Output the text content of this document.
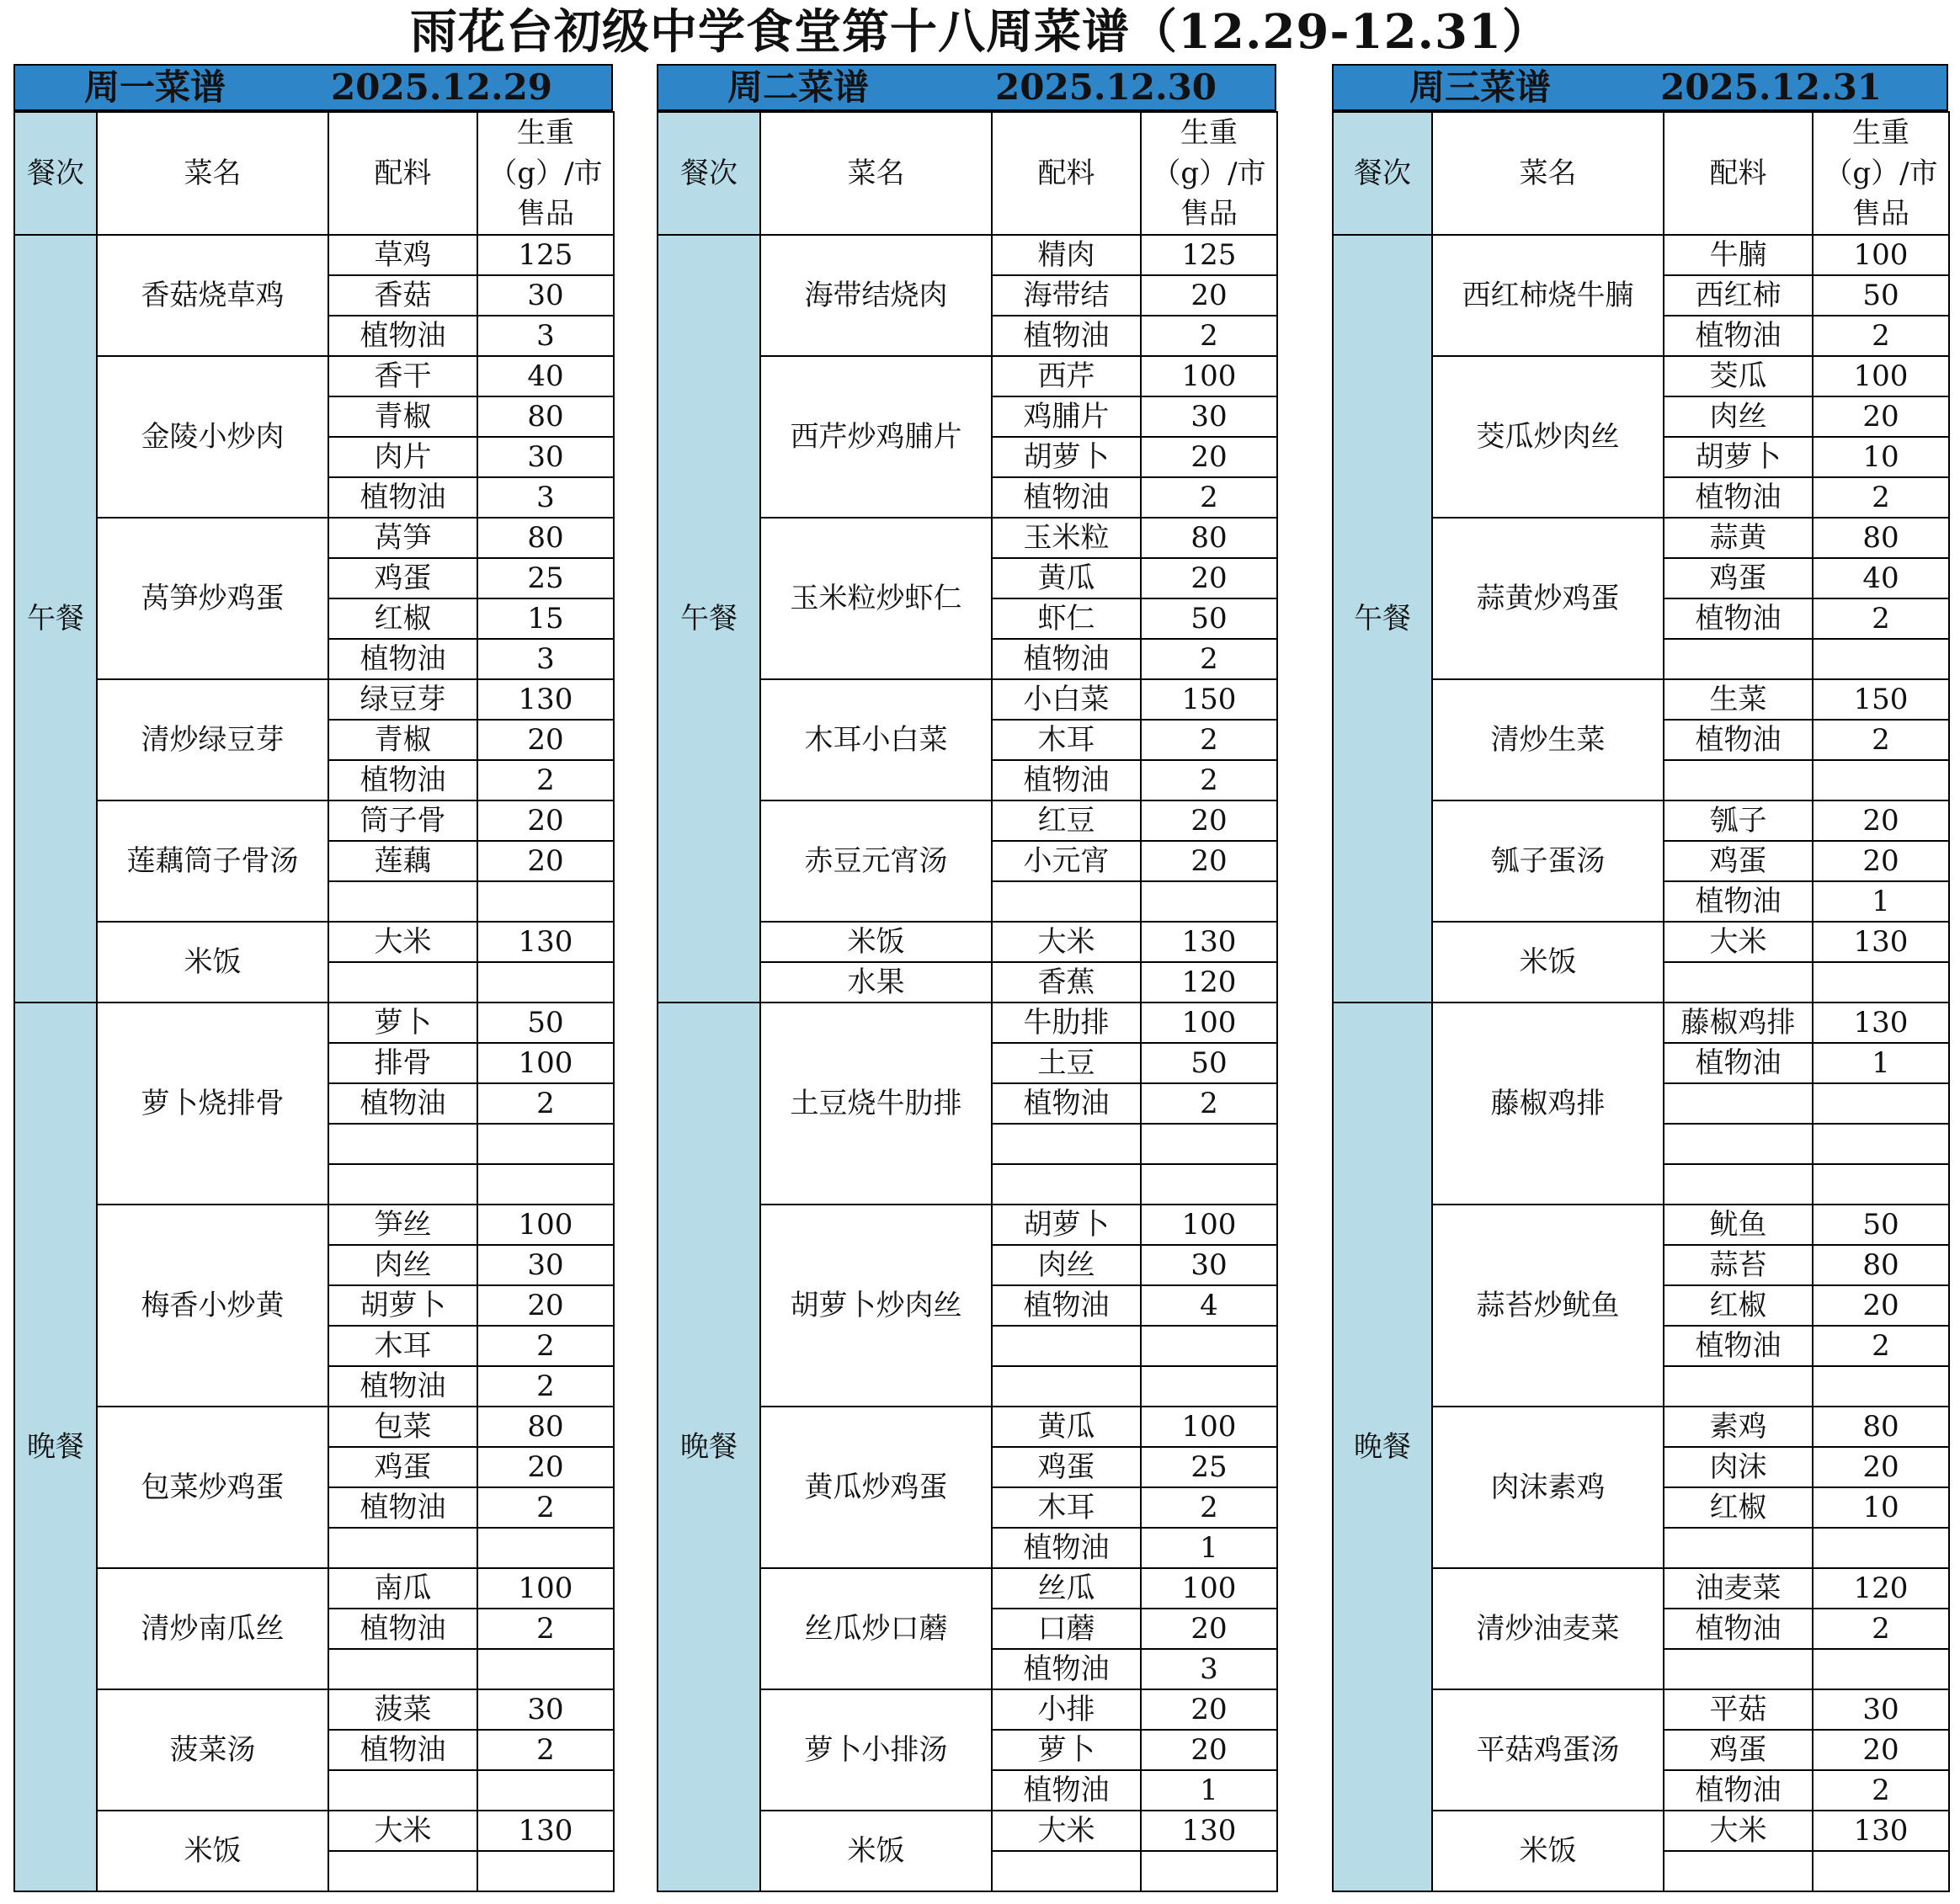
雨花台初级中学食堂第十八周菜谱（12.29-12.31）
周一菜谱	2025.12.29
餐次	菜名	配料	生重（g）/市售品
午餐	香菇烧草鸡	草鸡	125
		香菇	30
		植物油	3
	金陵小炒肉	香干	40
		青椒	80
		肉片	30
		植物油	3
	莴笋炒鸡蛋	莴笋	80
		鸡蛋	25
		红椒	15
		植物油	3
	清炒绿豆芽	绿豆芽	130
		青椒	20
		植物油	2
	莲藕筒子骨汤	筒子骨	20
		莲藕	20

	米饭	大米	130

晚餐	萝卜烧排骨	萝卜	50
		排骨	100
		植物油	2

	梅香小炒黄	笋丝	100
		肉丝	30
		胡萝卜	20
		木耳	2
		植物油	2
	包菜炒鸡蛋	包菜	80
		鸡蛋	20
		植物油	2

	清炒南瓜丝	南瓜	100
		植物油	2

	菠菜汤	菠菜	30
		植物油	2

	米饭	大米	130

周二菜谱	2025.12.30
餐次	菜名	配料	生重（g）/市售品
午餐	海带结烧肉	精肉	125
		海带结	20
		植物油	2
	西芹炒鸡脯片	西芹	100
		鸡脯片	30
		胡萝卜	20
		植物油	2
	玉米粒炒虾仁	玉米粒	80
		黄瓜	20
		虾仁	50
		植物油	2
	木耳小白菜	小白菜	150
		木耳	2
		植物油	2
	赤豆元宵汤	红豆	20
		小元宵	20

	米饭	大米	130
	水果	香蕉	120
晚餐	土豆烧牛肋排	牛肋排	100
		土豆	50
		植物油	2

	胡萝卜炒肉丝	胡萝卜	100
		肉丝	30
		植物油	4

	黄瓜炒鸡蛋	黄瓜	100
		鸡蛋	25
		木耳	2
		植物油	1
	丝瓜炒口蘑	丝瓜	100
		口蘑	20
		植物油	3
	萝卜小排汤	小排	20
		萝卜	20
		植物油	1
	米饭	大米	130

周三菜谱	2025.12.31
餐次	菜名	配料	生重（g）/市售品
午餐	西红柿烧牛腩	牛腩	100
		西红柿	50
		植物油	2
	茭瓜炒肉丝	茭瓜	100
		肉丝	20
		胡萝卜	10
		植物油	2
	蒜黄炒鸡蛋	蒜黄	80
		鸡蛋	40
		植物油	2

	清炒生菜	生菜	150
		植物油	2

	瓠子蛋汤	瓠子	20
		鸡蛋	20
		植物油	1
	米饭	大米	130

晚餐	藤椒鸡排	藤椒鸡排	130
		植物油	1

	蒜苔炒鱿鱼	鱿鱼	50
		蒜苔	80
		红椒	20
		植物油	2

	肉沫素鸡	素鸡	80
		肉沫	20
		红椒	10

	清炒油麦菜	油麦菜	120
		植物油	2

	平菇鸡蛋汤	平菇	30
		鸡蛋	20
		植物油	2
	米饭	大米	130
